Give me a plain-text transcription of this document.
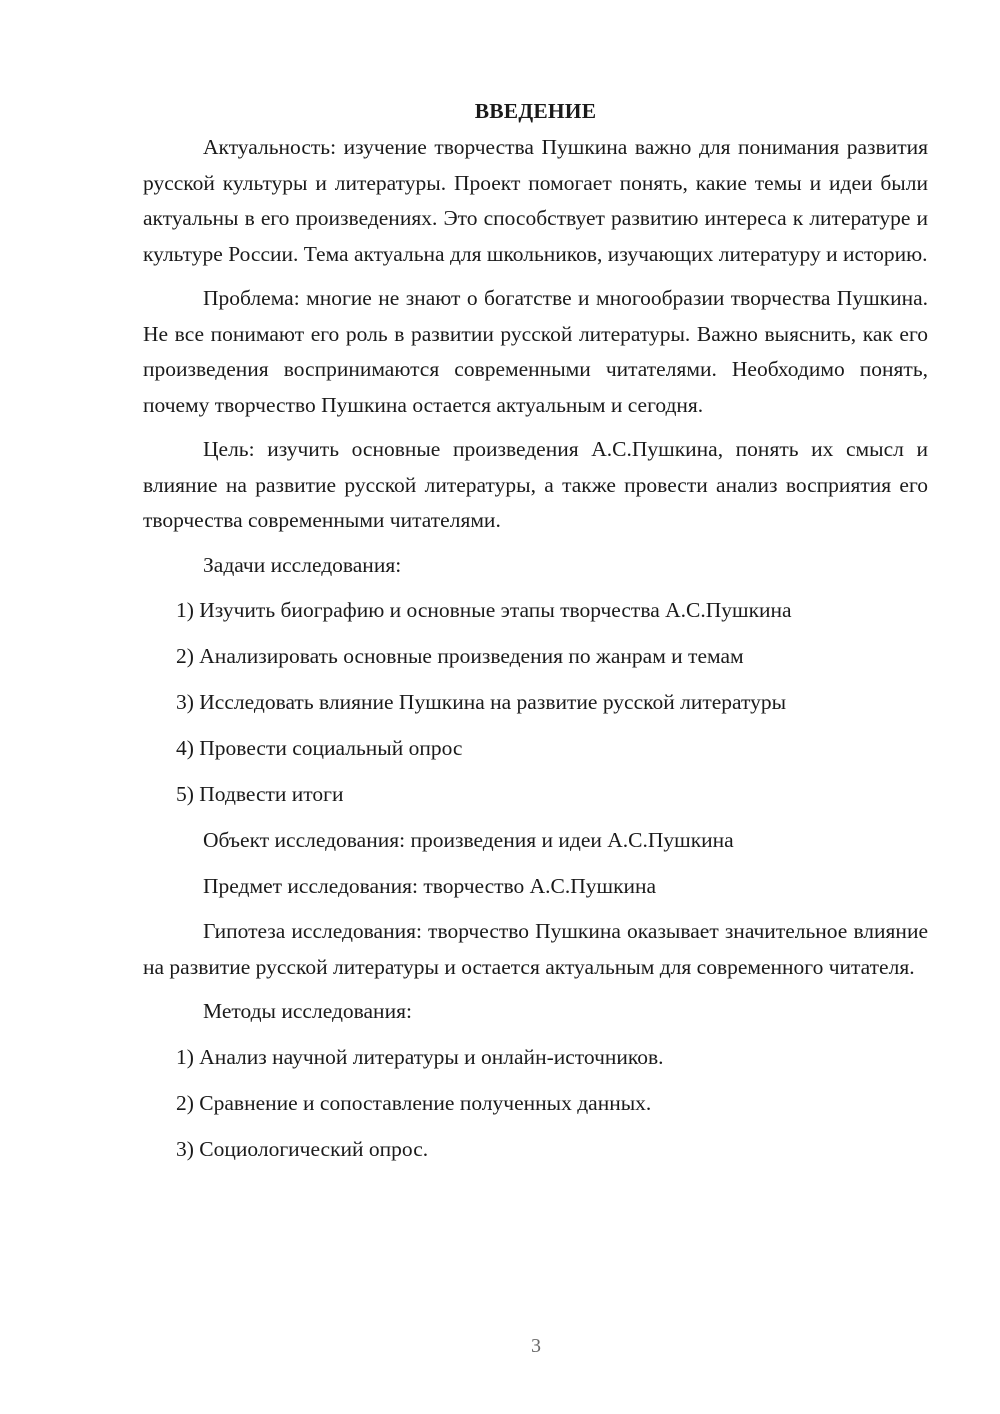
ВВЕДЕНИЕ

Актуальность: изучение творчества Пушкина важно для понимания развития русской культуры и литературы. Проект помогает понять, какие темы и идеи были актуальны в его произведениях. Это способствует развитию интереса к литературе и культуре России. Тема актуальна для школьников, изучающих литературу и историю.

Проблема: многие не знают о богатстве и многообразии творчества Пушкина. Не все понимают его роль в развитии русской литературы. Важно выяснить, как его произведения воспринимаются современными читателями. Необходимо понять, почему творчество Пушкина остается актуальным и сегодня.

Цель: изучить основные произведения А.С.Пушкина, понять их смысл и влияние на развитие русской литературы, а также провести анализ восприятия его творчества современными читателями.

Задачи исследования:
1) Изучить биографию и основные этапы творчества А.С.Пушкина
2) Анализировать основные произведения по жанрам и темам
3) Исследовать влияние Пушкина на развитие русской литературы
4) Провести социальный опрос
5) Подвести итоги
Объект исследования: произведения и идеи А.С.Пушкина
Предмет исследования: творчество А.С.Пушкина

Гипотеза исследования: творчество Пушкина оказывает значительное влияние на развитие русской литературы и остается актуальным для современного читателя.

Методы исследования:
1) Анализ научной литературы и онлайн-источников.
2) Сравнение и сопоставление полученных данных.
3) Социологический опрос.
3
